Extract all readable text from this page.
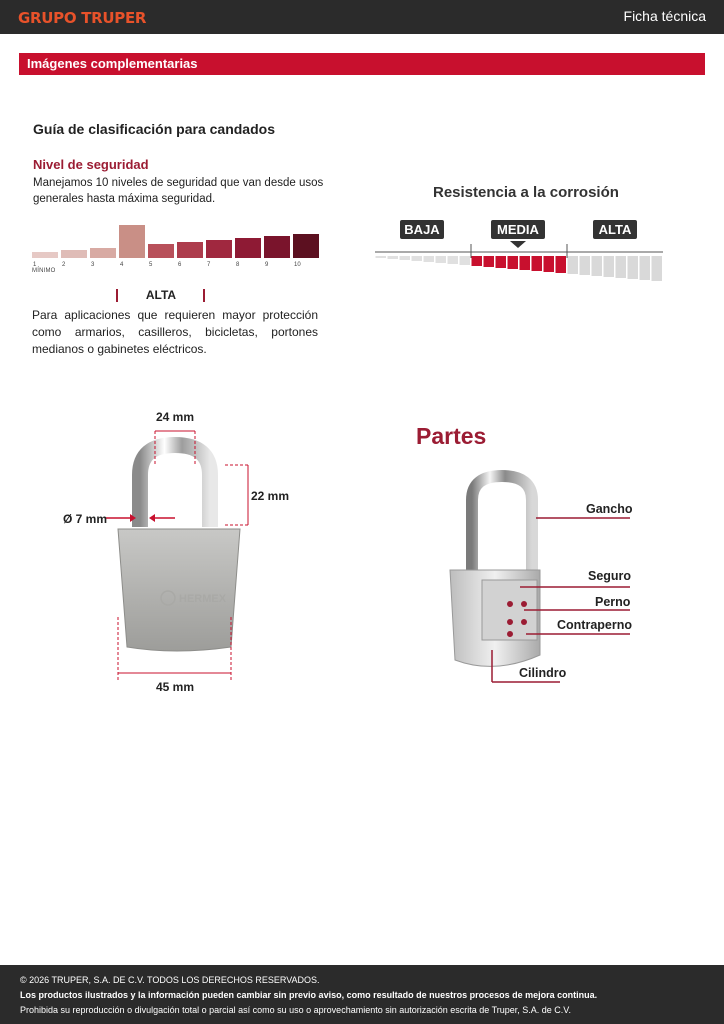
GRUPO TRUPER	Ficha técnica
Imágenes complementarias
Guía de clasificación para candados
Nivel de seguridad
Manejamos 10 niveles de seguridad que van desde usos generales hasta máxima seguridad.
1	2	3	4	5	6	7	8	9	10
MÍNIMO
ALTA
Para aplicaciones que requieren mayor protección como armarios, casilleros, bicicletas, portones medianos o gabinetes eléctricos.
Resistencia a la corrosión
BAJA	MEDIA	ALTA
HERMEX
24 mm
22 mm
Ø 7 mm
45 mm
Partes
Gancho
Seguro
Perno
Contraperno
Cilindro
© 2026 TRUPER, S.A. DE C.V. TODOS LOS DERECHOS RESERVADOS.
Los productos ilustrados y la información pueden cambiar sin previo aviso, como resultado de nuestros procesos de mejora continua.
Prohibida su reproducción o divulgación total o parcial así como su uso o aprovechamiento sin autorización escrita de Truper, S.A. de C.V.
